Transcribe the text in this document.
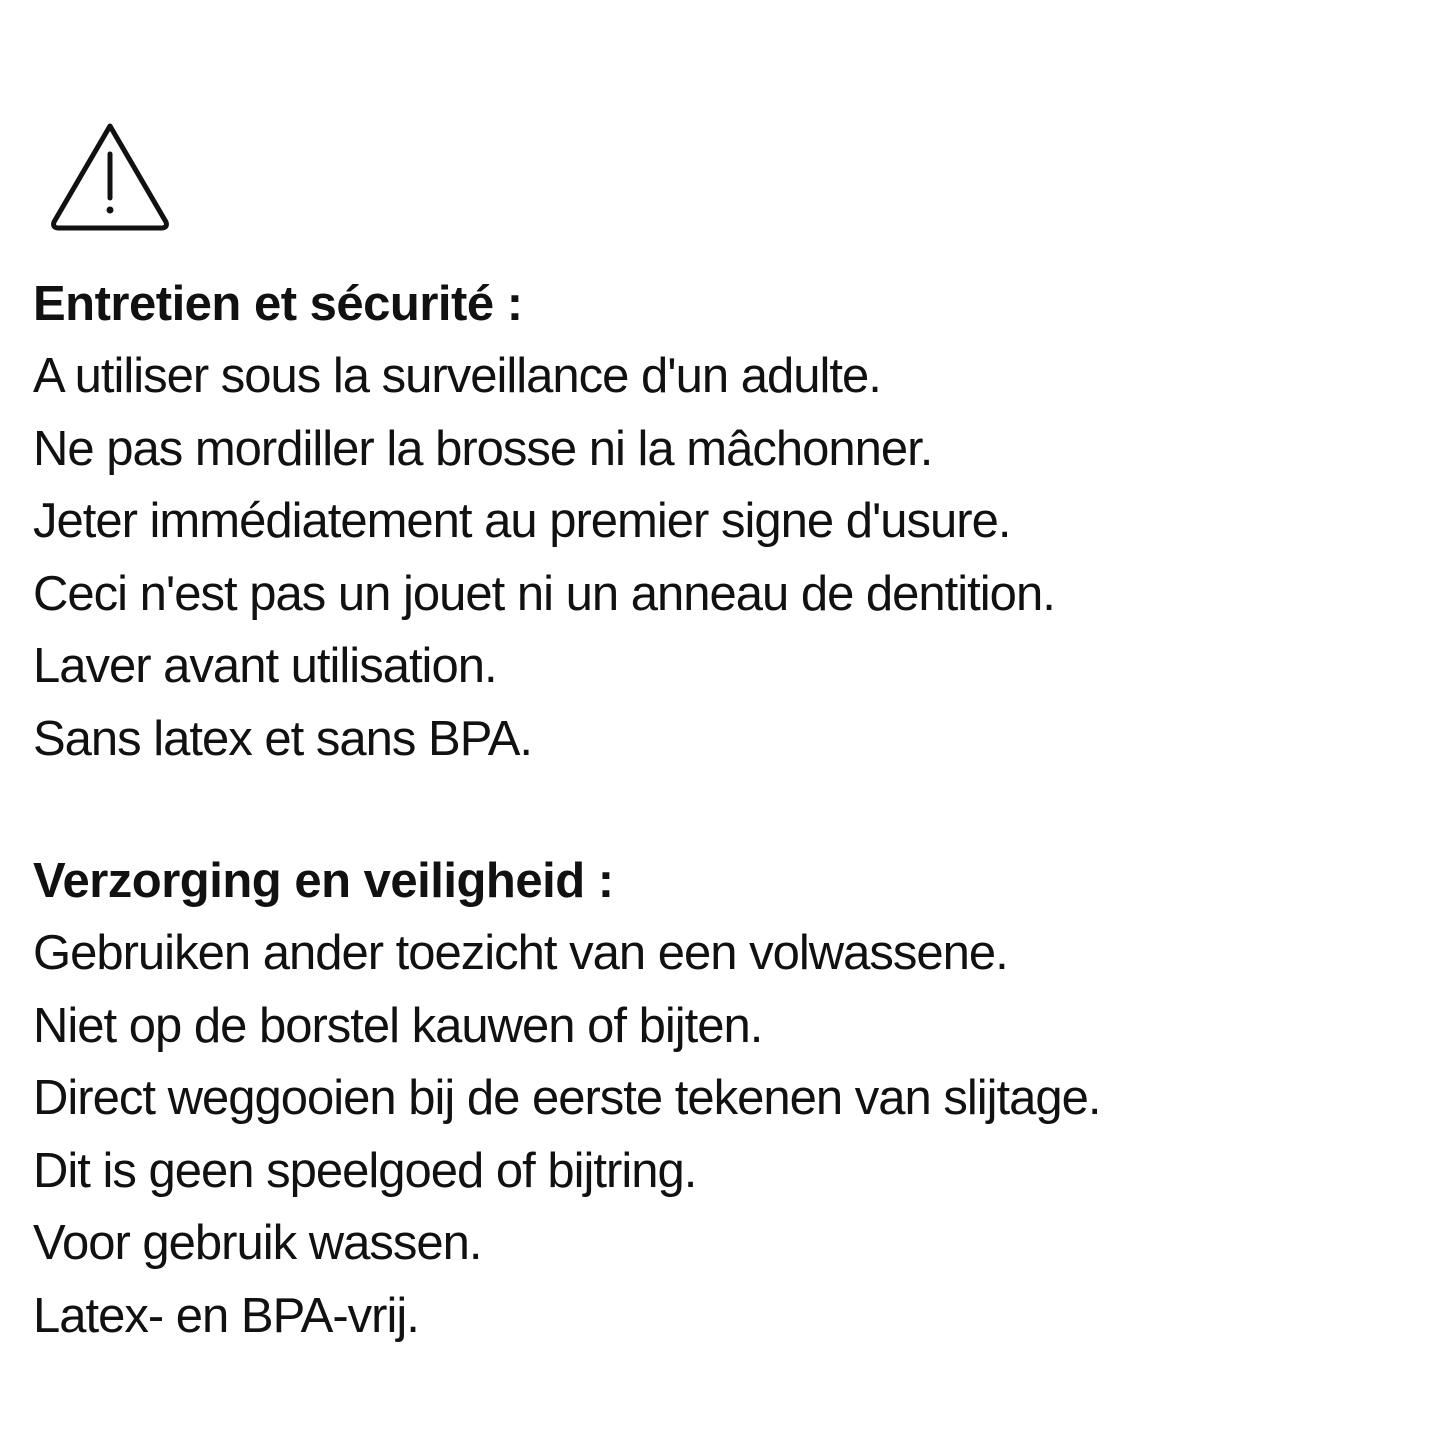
Entretien et sécurité :
A utiliser sous la surveillance d'un adulte.
Ne pas mordiller la brosse ni la mâchonner.
Jeter immédiatement au premier signe d'usure.
Ceci n'est pas un jouet ni un anneau de dentition.
Laver avant utilisation.
Sans latex et sans BPA.
Verzorging en veiligheid :
Gebruiken ander toezicht van een volwassene.
Niet op de borstel kauwen of bijten.
Direct weggooien bij de eerste tekenen van slijtage.
Dit is geen speelgoed of bijtring.
Voor gebruik wassen.
Latex- en BPA-vrij.
